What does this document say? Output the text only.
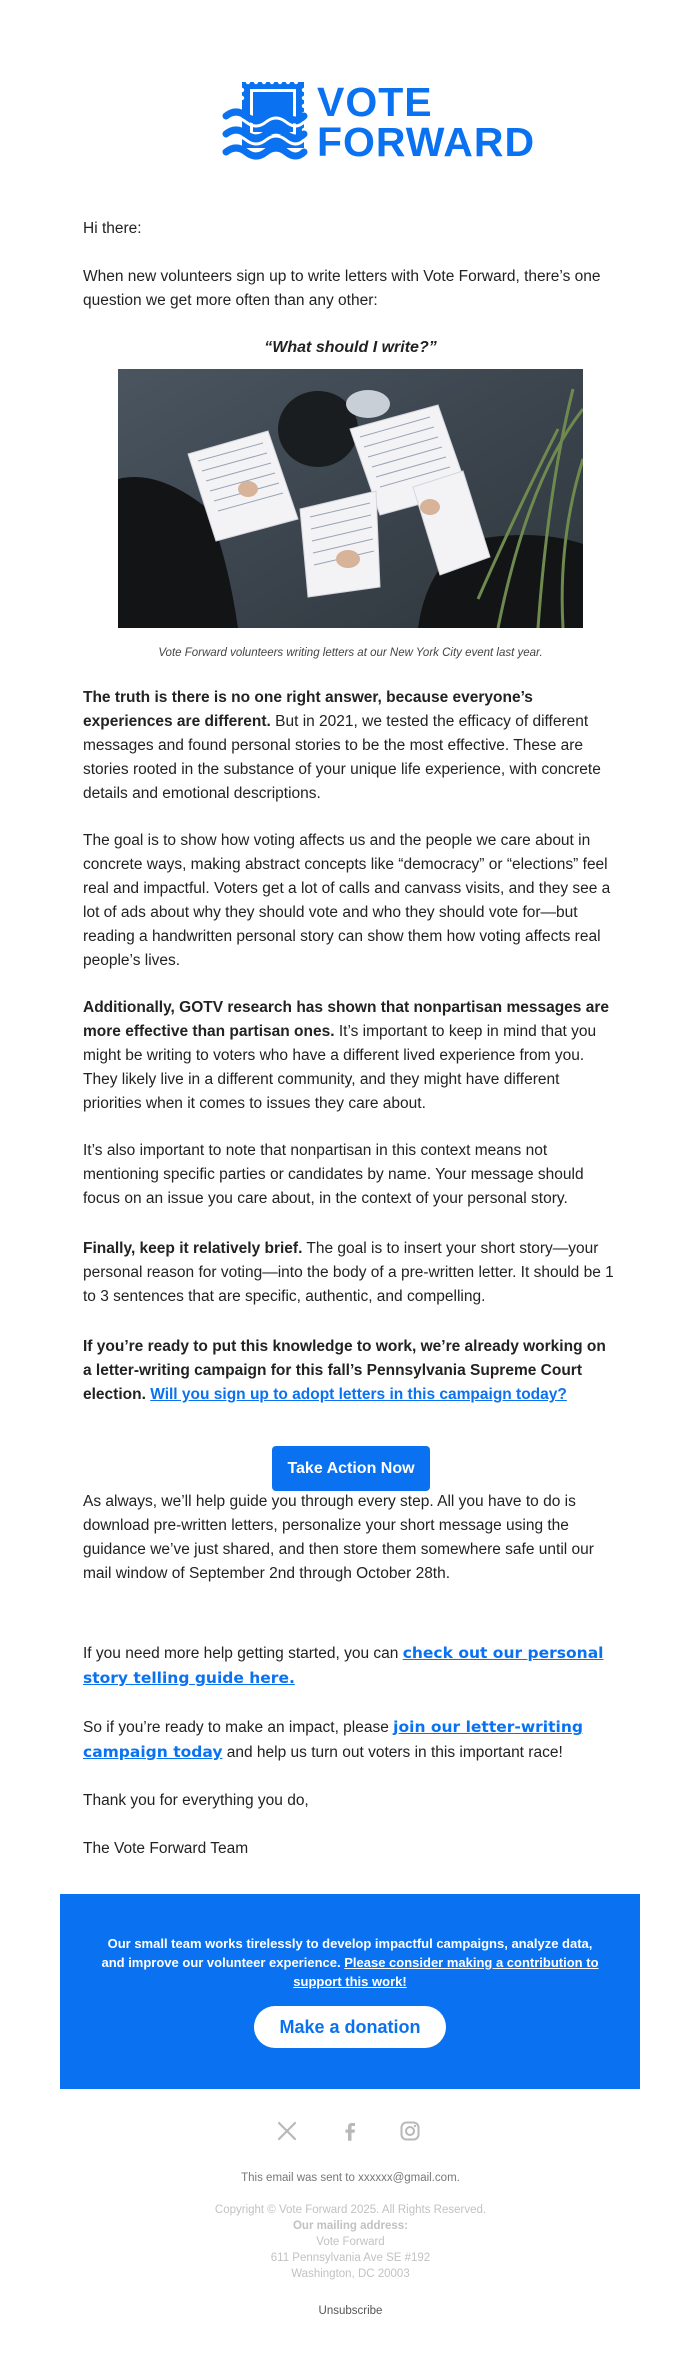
VOTE
FORWARD
Hi there:
When new volunteers sign up to write letters with Vote Forward, there’s one question we get more often than any other:
“What should I write?”
Vote Forward volunteers writing letters at our New York City event last year.
The truth is there is no one right answer, because everyone’s experiences are different. But in 2021, we tested the efficacy of different messages and found personal stories to be the most effective. These are stories rooted in the substance of your unique life experience, with concrete details and emotional descriptions.
The goal is to show how voting affects us and the people we care about in concrete ways, making abstract concepts like “democracy” or “elections” feel real and impactful. Voters get a lot of calls and canvass visits, and they see a lot of ads about why they should vote and who they should vote for—but reading a handwritten personal story can show them how voting affects real people’s lives.
Additionally, GOTV research has shown that nonpartisan messages are more effective than partisan ones. It’s important to keep in mind that you might be writing to voters who have a different lived experience from you. They likely live in a different community, and they might have different priorities when it comes to issues they care about.
It’s also important to note that nonpartisan in this context means not mentioning specific parties or candidates by name. Your message should focus on an issue you care about, in the context of your personal story.
Finally, keep it relatively brief. The goal is to insert your short story—your personal reason for voting—into the body of a pre-written letter. It should be 1 to 3 sentences that are specific, authentic, and compelling.
If you’re ready to put this knowledge to work, we’re already working on a letter-writing campaign for this fall’s Pennsylvania Supreme Court election. Will you sign up to adopt letters in this campaign today?
Take Action Now
As always, we’ll help guide you through every step. All you have to do is download pre-written letters, personalize your short message using the guidance we’ve just shared, and then store them somewhere safe until our mail window of September 2nd through October 28th.
If you need more help getting started, you can check out our personal story telling guide here.
So if you’re ready to make an impact, please join our letter-writing campaign today and help us turn out voters in this important race!
Thank you for everything you do,
The Vote Forward Team
Our small team works tirelessly to develop impactful campaigns, analyze data, and improve our volunteer experience. Please consider making a contribution to support this work!
Make a donation
This email was sent to xxxxxx@gmail.com.
Copyright © Vote Forward 2025. All Rights Reserved.
Our mailing address:
Vote Forward
611 Pennsylvania Ave SE #192
Washington, DC 20003
Unsubscribe
